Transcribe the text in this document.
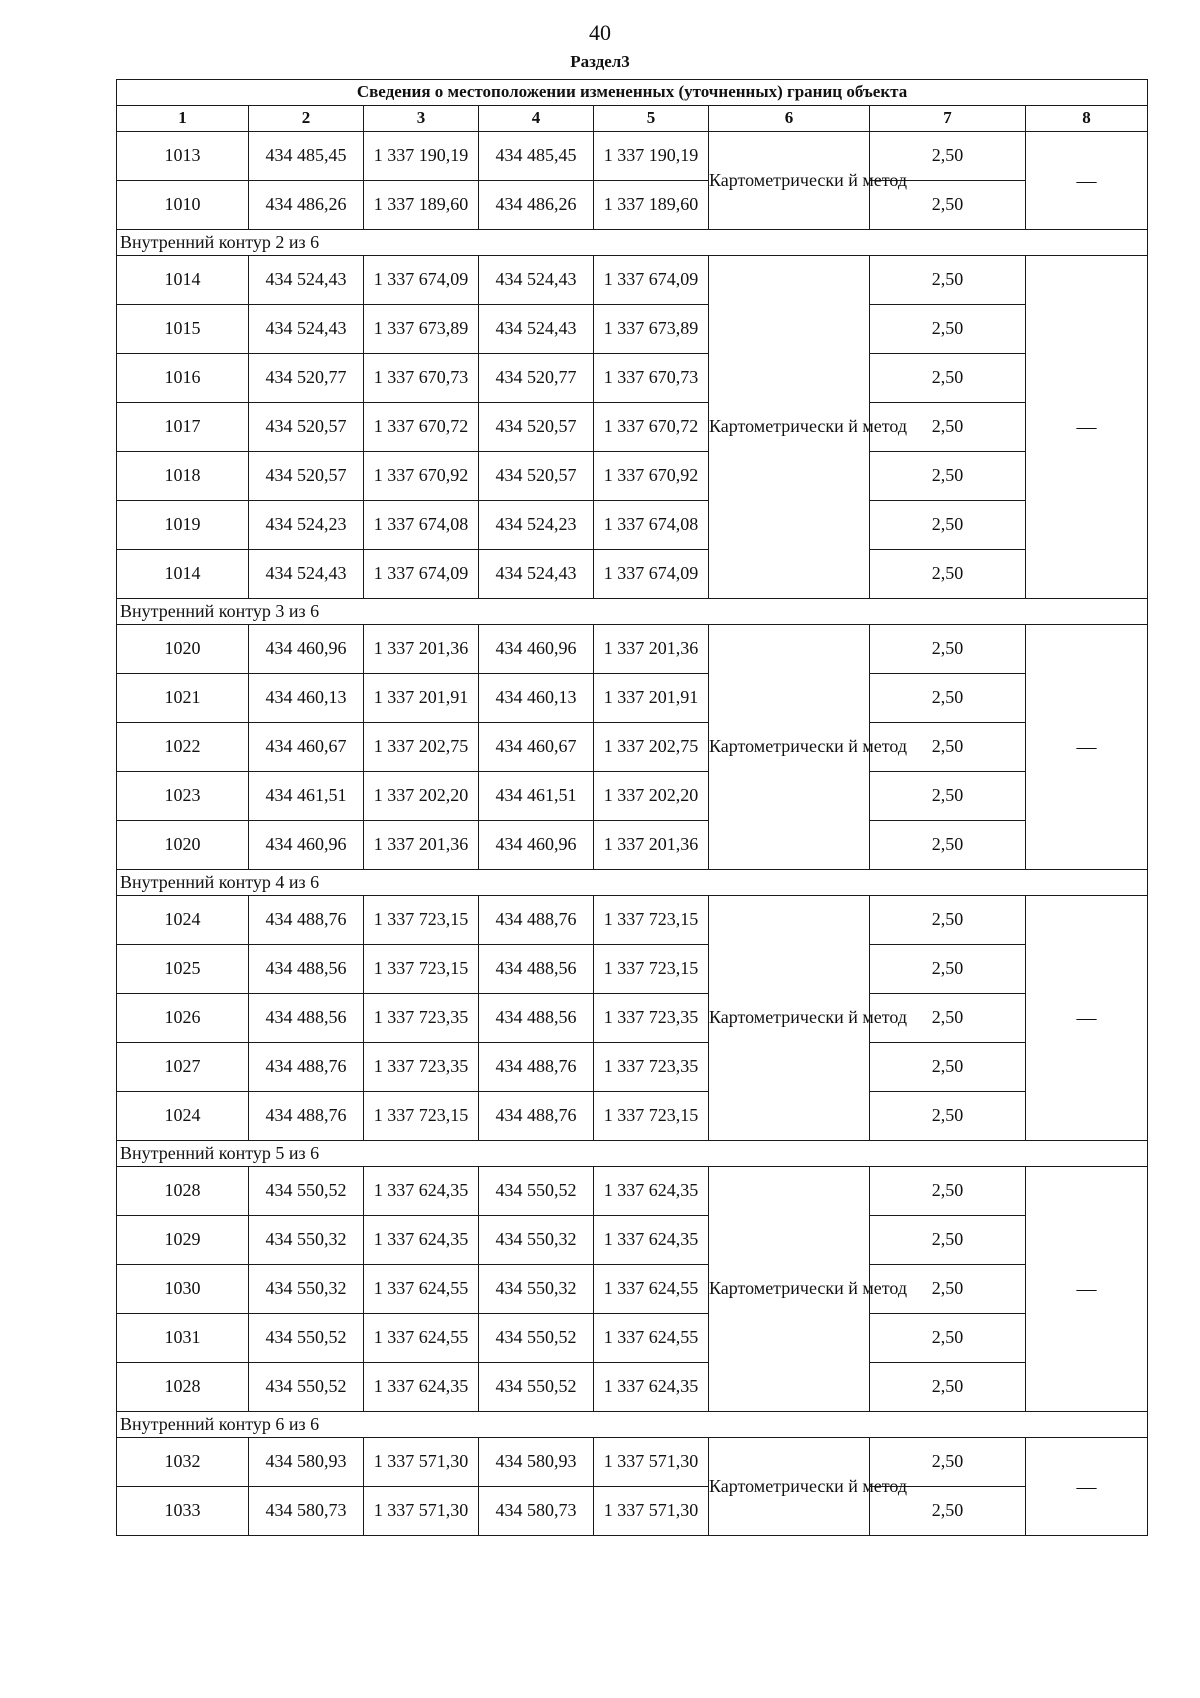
40
Раздел3
Сведения о местоположении измененных (уточненных) границ объекта							
1	2	3	4	5	6	7	8
1013	434 485,45	1 337 190,19	434 485,45	1 337 190,19	Картометрически й метод	2,50	—
1010	434 486,26	1 337 189,60	434 486,26	1 337 189,60		2,50	
Внутренний контур 2 из 6							
1014	434 524,43	1 337 674,09	434 524,43	1 337 674,09	Картометрически й метод	2,50	—
1015	434 524,43	1 337 673,89	434 524,43	1 337 673,89		2,50	
1016	434 520,77	1 337 670,73	434 520,77	1 337 670,73		2,50	
1017	434 520,57	1 337 670,72	434 520,57	1 337 670,72		2,50	
1018	434 520,57	1 337 670,92	434 520,57	1 337 670,92		2,50	
1019	434 524,23	1 337 674,08	434 524,23	1 337 674,08		2,50	
1014	434 524,43	1 337 674,09	434 524,43	1 337 674,09		2,50	
Внутренний контур 3 из 6							
1020	434 460,96	1 337 201,36	434 460,96	1 337 201,36	Картометрически й метод	2,50	—
1021	434 460,13	1 337 201,91	434 460,13	1 337 201,91		2,50	
1022	434 460,67	1 337 202,75	434 460,67	1 337 202,75		2,50	
1023	434 461,51	1 337 202,20	434 461,51	1 337 202,20		2,50	
1020	434 460,96	1 337 201,36	434 460,96	1 337 201,36		2,50	
Внутренний контур 4 из 6							
1024	434 488,76	1 337 723,15	434 488,76	1 337 723,15	Картометрически й метод	2,50	—
1025	434 488,56	1 337 723,15	434 488,56	1 337 723,15		2,50	
1026	434 488,56	1 337 723,35	434 488,56	1 337 723,35		2,50	
1027	434 488,76	1 337 723,35	434 488,76	1 337 723,35		2,50	
1024	434 488,76	1 337 723,15	434 488,76	1 337 723,15		2,50	
Внутренний контур 5 из 6							
1028	434 550,52	1 337 624,35	434 550,52	1 337 624,35	Картометрически й метод	2,50	—
1029	434 550,32	1 337 624,35	434 550,32	1 337 624,35		2,50	
1030	434 550,32	1 337 624,55	434 550,32	1 337 624,55		2,50	
1031	434 550,52	1 337 624,55	434 550,52	1 337 624,55		2,50	
1028	434 550,52	1 337 624,35	434 550,52	1 337 624,35		2,50	
Внутренний контур 6 из 6							
1032	434 580,93	1 337 571,30	434 580,93	1 337 571,30	Картометрически й метод	2,50	—
1033	434 580,73	1 337 571,30	434 580,73	1 337 571,30		2,50	
